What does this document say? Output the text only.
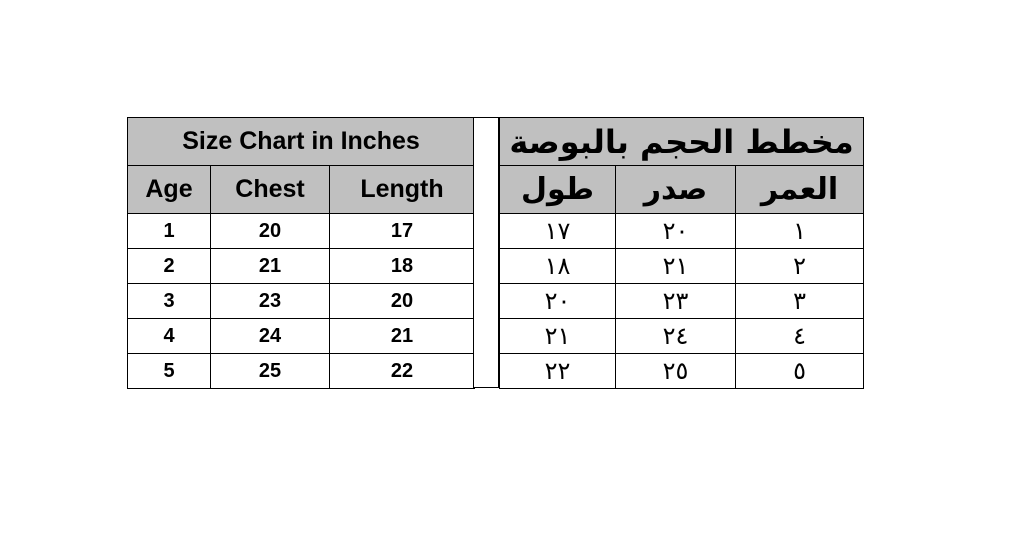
Size Chart in Inches		
Age	Chest	Length
1	20	17
2	21	18
3	23	20
4	24	21
5	25	22
مخطط الحجم بالبوصة		
طول	صدر	العمر
١٧	٢٠	١
١٨	٢١	٢
٢٠	٢٣	٣
٢١	٢٤	٤
٢٢	٢٥	٥
